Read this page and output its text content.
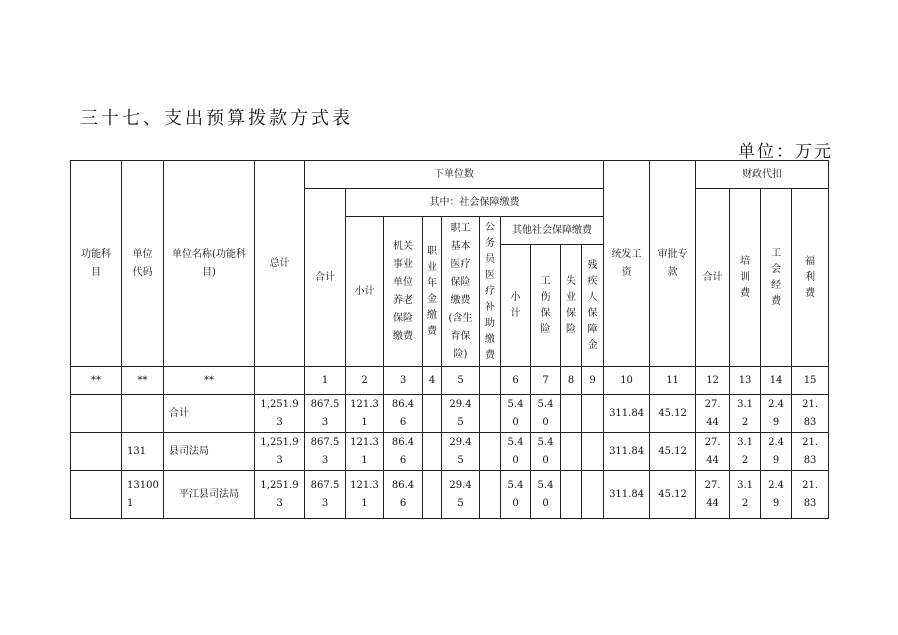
三十七、支出预算拨款方式表
单位：万元
功能科目	单位代码	单位名称(功能科目)	总计	下单位数										统发工资	审批专款	财政代扣			
				合计	其中：社会保障缴费											合计	培训费	工会经费	福利费
					小计	机关事业单位养老保险缴费	职业年金缴费	职工基本医疗保险缴费(含生育保险)	公务员医疗补助缴费	其他社会保障缴费									
										小计	工伤保险	失业保险	残疾人保障金						
**	**	**		1	2	3	4	5		6	7	8	9	10	11	12	13	14	15
		合计	1,251.93	867.53	121.31	86.46		29.45		5.40	5.40			311.84	45.12	27.44	3.12	2.49	21.83
	131	县司法局	1,251.93	867.53	121.31	86.46		29.45		5.40	5.40			311.84	45.12	27.44	3.12	2.49	21.83
	131001	平江县司法局	1,251.93	867.53	121.31	86.46		29.45		5.40	5.40			311.84	45.12	27.44	3.12	2.49	21.83
